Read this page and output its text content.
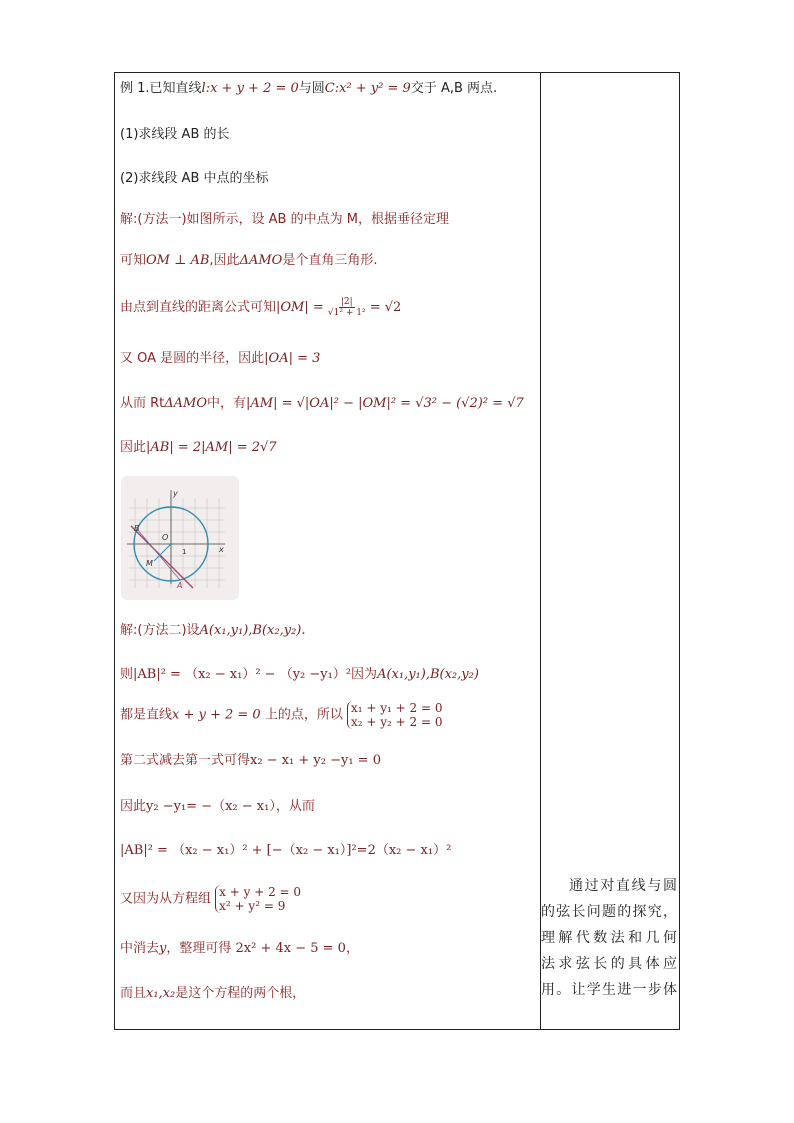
例 1.已知直线l:x + y + 2 = 0与圆C:x² + y² = 9交于 A,B 两点.
(1)求线段 AB 的长
(2)求线段 AB 中点的坐标
解:(方法一)如图所示，设 AB 的中点为 M，根据垂径定理
可知OM ⊥ AB,因此ΔAMO是个直角三角形.
由点到直线的距离公式可知$|OM| = \frac{|2|}{\text{√1² + 1²}} = √2$
又 OA 是圆的半径，因此|OA| = 3
从而 RtΔAMO中，有|AM| = √|OA|² − |OM|² = √3² − (√2)² = √7
因此|AB| = 2|AM| = 2√7
y
x
O
1
B
M
A
解:(方法二)设A(x₁,y₁),B(x₂,y₂).
则|AB|² = （x₂ − x₁）² − （y₂ −y₁）²因为A(x₁,y₁),B(x₂,y₂)
都是直线x + y + 2 = 0 上的点，所以 x₁ + y₁ + 2 = 0
x₂ + y₂ + 2 = 0
第二式减去第一式可得x₂ − x₁ + y₂ −y₁ = 0
因此y₂ −y₁= −（x₂ − x₁），从而
|AB|² = （x₂ − x₁）² + [−（x₂ − x₁）]²=2（x₂ − x₁）²
又因为从方程组 x + y + 2 = 0
x² + y² = 9
中消去y，整理可得 2x² + 4x − 5 = 0，
而且x₁,x₂是这个方程的两个根，

通过对直线与圆

的弦长问题的探究，

理解代数法和几何

法求弦长的具体应

用。让学生进一步体
